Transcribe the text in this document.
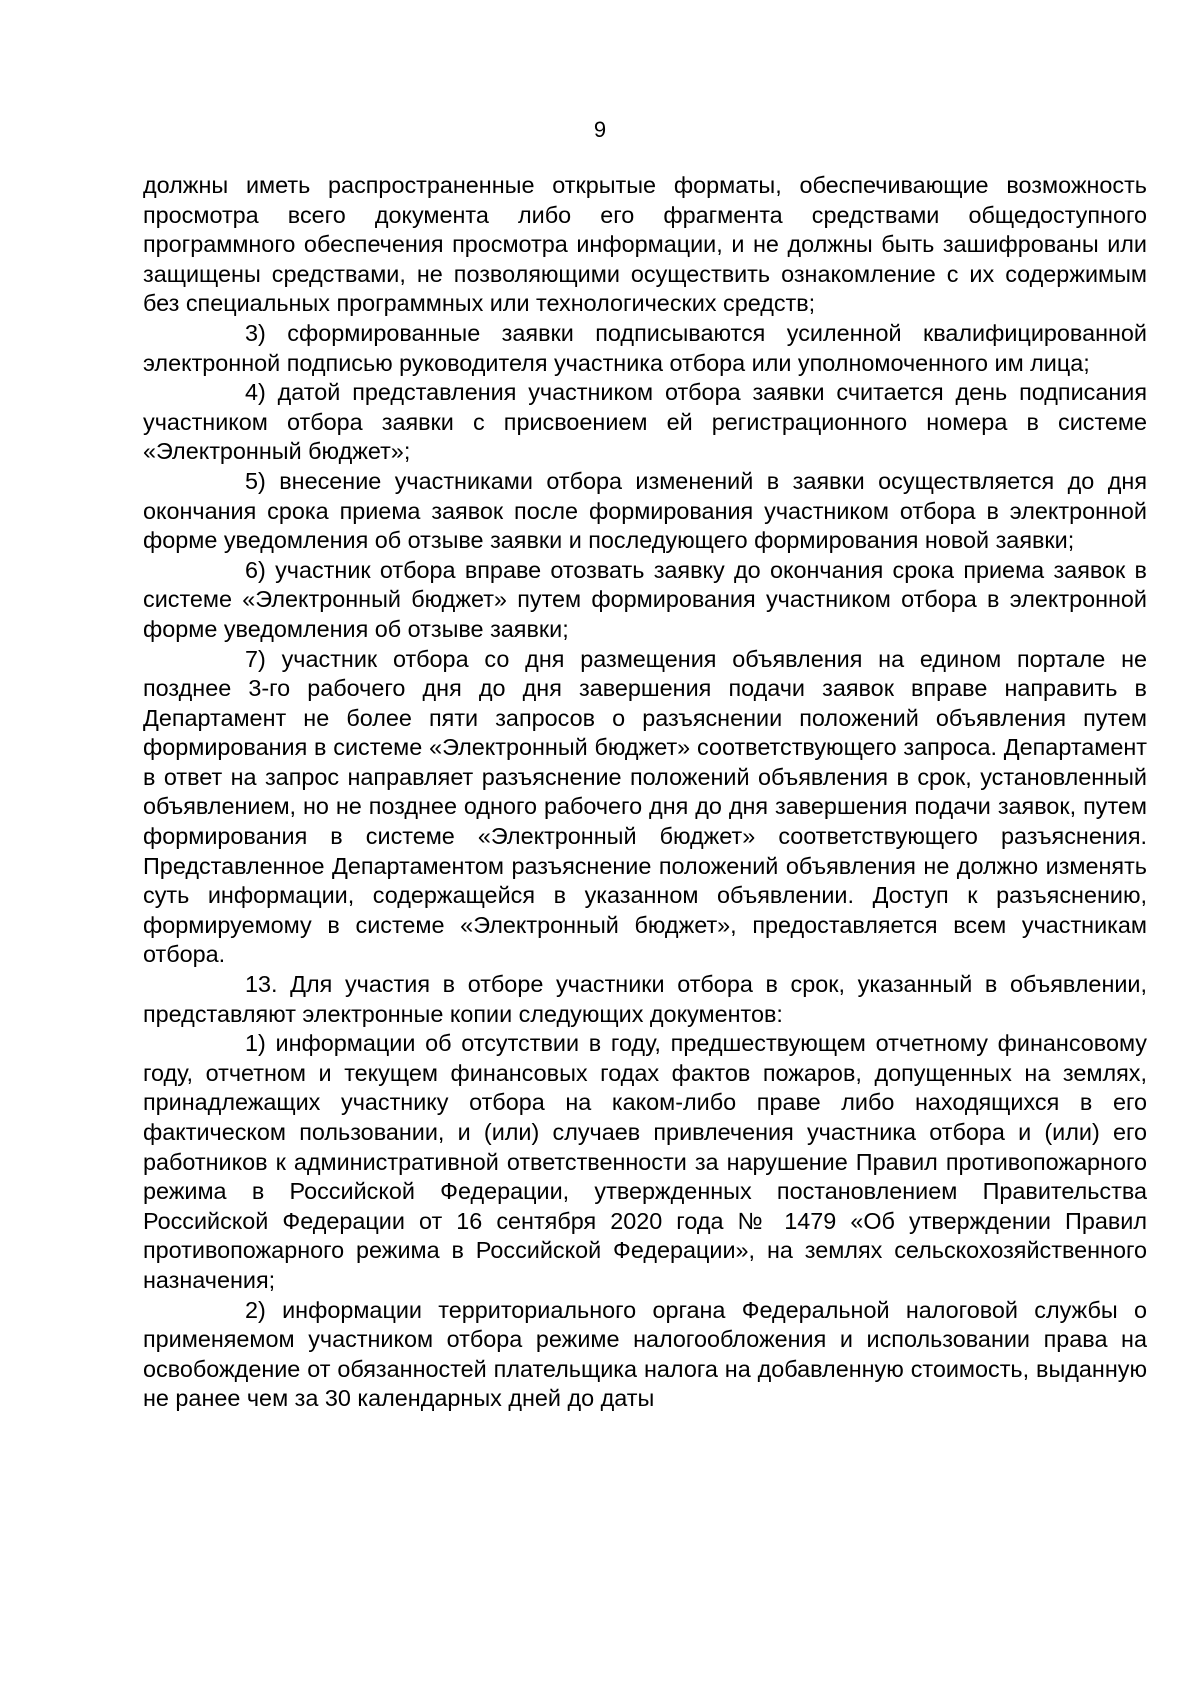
9

должны иметь распространенные открытые форматы, обеспечивающие возможность просмотра всего документа либо его фрагмента средствами общедоступного программного обеспечения просмотра информации, и не должны быть зашифрованы или защищены средствами, не позволяющими осуществить ознакомление с их содержимым без специальных программных или технологических средств;

3) сформированные заявки подписываются усиленной квалифицированной электронной подписью руководителя участника отбора или уполномоченного им лица;

4) датой представления участником отбора заявки считается день подписания участником отбора заявки с присвоением ей регистрационного номера в системе «Электронный бюджет»;

5) внесение участниками отбора изменений в заявки осуществляется до дня окончания срока приема заявок после формирования участником отбора в электронной форме уведомления об отзыве заявки и последующего формирования новой заявки;

6) участник отбора вправе отозвать заявку до окончания срока приема заявок в системе «Электронный бюджет» путем формирования участником отбора в электронной форме уведомления об отзыве заявки;

7) участник отбора со дня размещения объявления на едином портале не позднее 3-го рабочего дня до дня завершения подачи заявок вправе направить в Департамент не более пяти запросов о разъяснении положений объявления путем формирования в системе «Электронный бюджет» соответствующего запроса. Департамент в ответ на запрос направляет разъяснение положений объявления в срок, установленный объявлением, но не позднее одного рабочего дня до дня завершения подачи заявок, путем формирования в системе «Электронный бюджет» соответствующего разъяснения. Представленное Департаментом разъяснение положений объявления не должно изменять суть информации, содержащейся в указанном объявлении. Доступ к разъяснению, формируемому в системе «Электронный бюджет», предоставляется всем участникам отбора.

13. Для участия в отборе участники отбора в срок, указанный в объявлении, представляют электронные копии следующих документов:

1) информации об отсутствии в году, предшествующем отчетному финансовому году, отчетном и текущем финансовых годах фактов пожаров, допущенных на землях, принадлежащих участнику отбора на каком-либо праве либо находящихся в его фактическом пользовании, и (или) случаев привлечения участника отбора и (или) его работников к административной ответственности за нарушение Правил противопожарного режима в Российской Федерации, утвержденных постановлением Правительства Российской Федерации от 16 сентября 2020 года № 1479 «Об утверждении Правил противопожарного режима в Российской Федерации», на землях сельскохозяйственного назначения;

2) информации территориального органа Федеральной налоговой службы о применяемом участником отбора режиме налогообложения и использовании права на освобождение от обязанностей плательщика налога на добавленную стоимость, выданную не ранее чем за 30 календарных дней до даты
